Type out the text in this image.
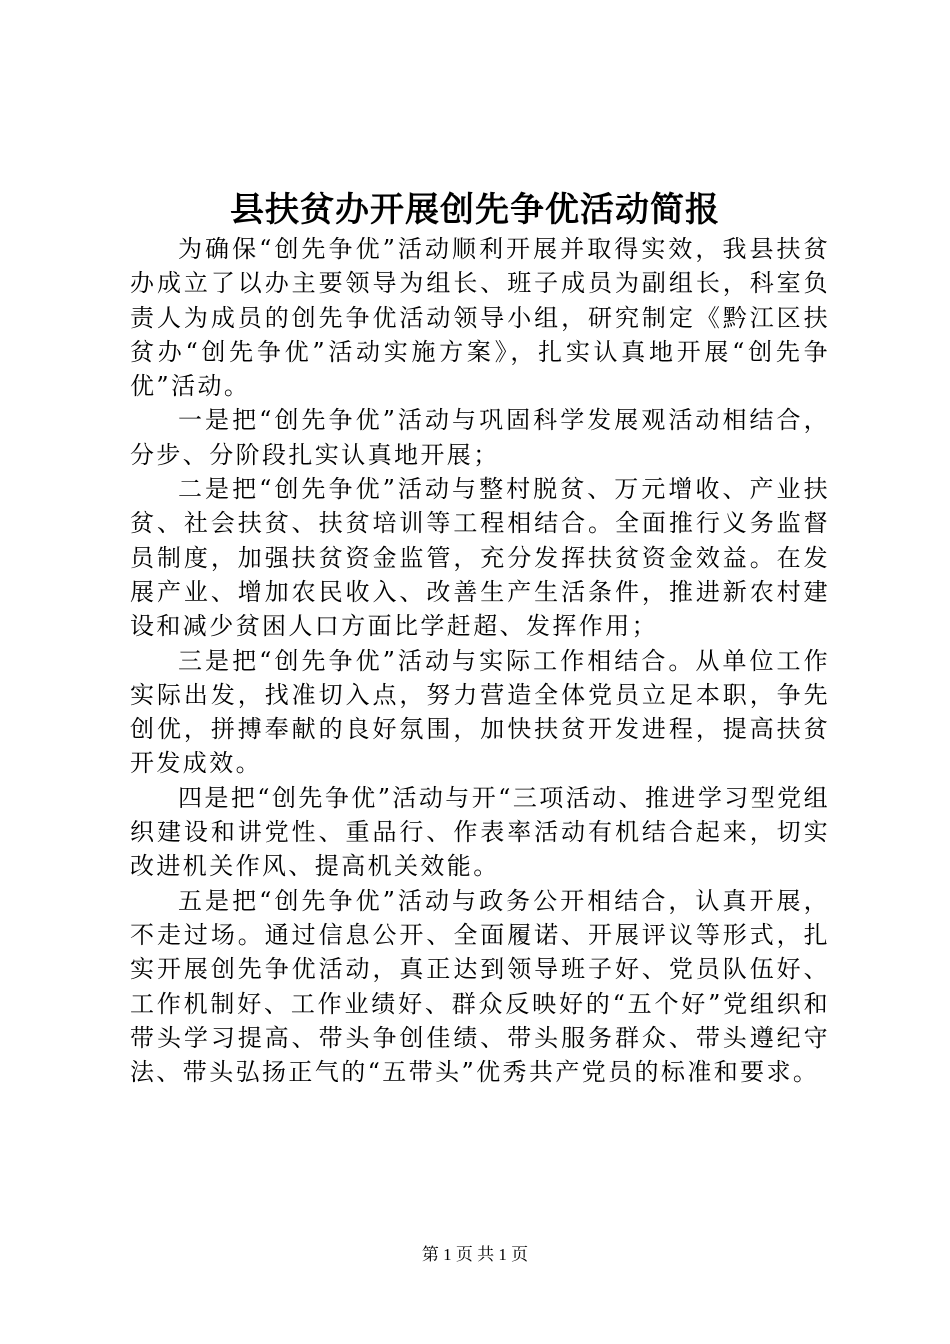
县扶贫办开展创先争优活动简报

为确保“创先争优”活动顺利开展并取得实效，我县扶贫办成立了以办主要领导为组长、班子成员为副组长，科室负责人为成员的创先争优活动领导小组，研究制定《黔江区扶贫办“创先争优”活动实施方案》，扎实认真地开展“创先争优”活动。

一是把“创先争优”活动与巩固科学发展观活动相结合，分步、分阶段扎实认真地开展；

二是把“创先争优”活动与整村脱贫、万元增收、产业扶贫、社会扶贫、扶贫培训等工程相结合。全面推行义务监督员制度，加强扶贫资金监管，充分发挥扶贫资金效益。在发展产业、增加农民收入、改善生产生活条件，推进新农村建设和减少贫困人口方面比学赶超、发挥作用；

三是把“创先争优”活动与实际工作相结合。从单位工作实际出发，找准切入点，努力营造全体党员立足本职，争先创优，拼搏奉献的良好氛围，加快扶贫开发进程，提高扶贫开发成效。

四是把“创先争优”活动与开“三项活动、推进学习型党组织建设和讲党性、重品行、作表率活动有机结合起来，切实改进机关作风、提高机关效能。

五是把“创先争优”活动与政务公开相结合，认真开展，不走过场。通过信息公开、全面履诺、开展评议等形式，扎实开展创先争优活动，真正达到领导班子好、党员队伍好、工作机制好、工作业绩好、群众反映好的“五个好”党组织和带头学习提高、带头争创佳绩、带头服务群众、带头遵纪守法、带头弘扬正气的“五带头”优秀共产党员的标准和要求。

第 1 页 共 1 页
